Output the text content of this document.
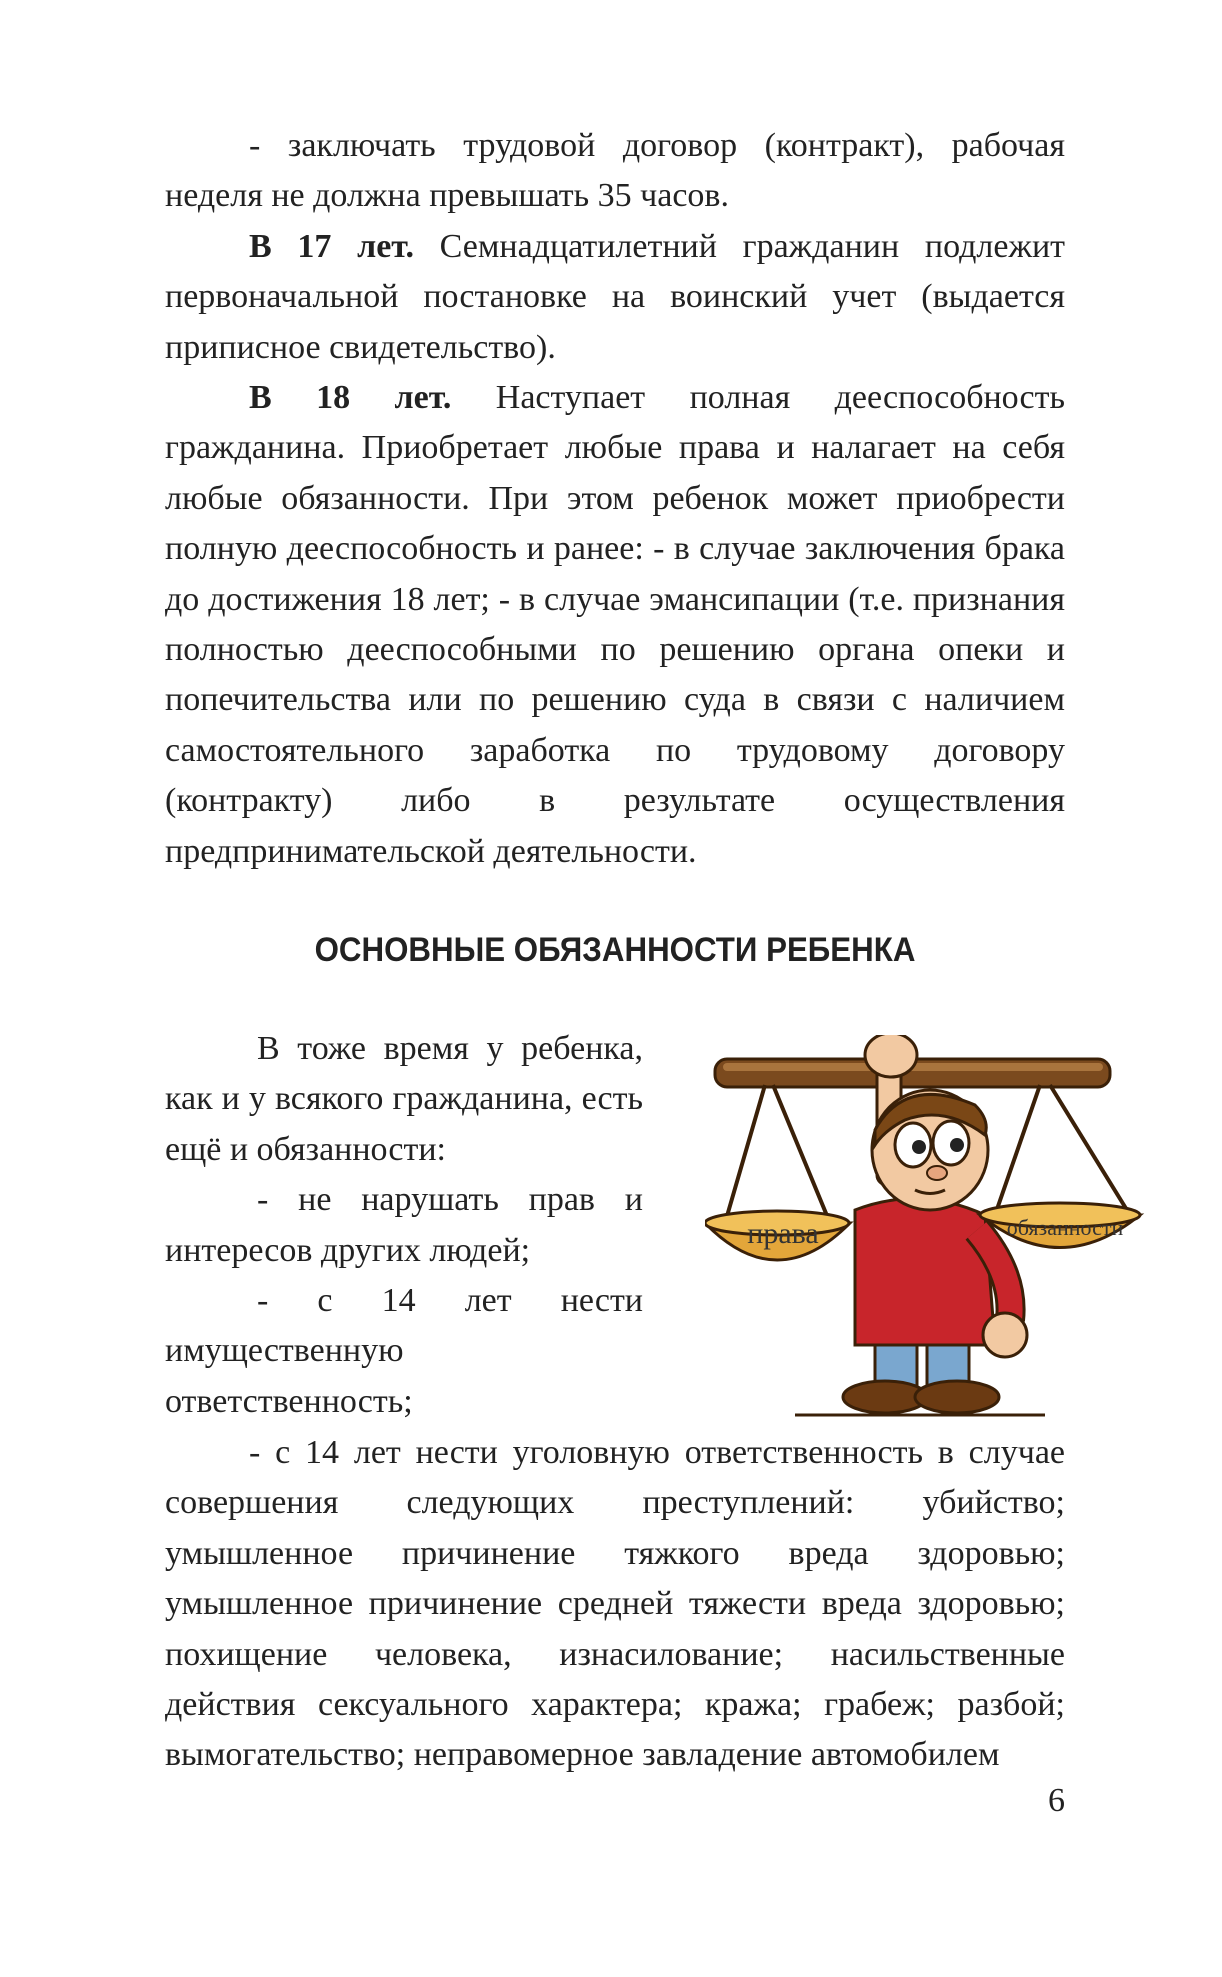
- заключать трудовой договор (контракт), рабочая неделя не должна превышать 35 часов.

В 17 лет. Семнадцатилетний гражданин подлежит первоначальной постановке на воинский учет (выдается приписное свидетельство).

В 18 лет. Наступает полная дееспособность гражданина. Приобретает любые права и налагает на себя любые обязанности. При этом ребенок может приобрести полную дееспособность и ранее: - в случае заключения брака до достижения 18 лет; - в случае эмансипации (т.е. признания полностью дееспособными по решению органа опеки и попечительства или по решению суда в связи с наличием самостоятельного заработка по трудовому договору (контракту) либо в результате осуществления предпринимательской деятельности.

ОСНОВНЫЕ ОБЯЗАННОСТИ РЕБЕНКА

В тоже время у ребенка, как и у всякого гражданина, есть ещё и обязанности:

- не нарушать прав и интересов других людей;

- с 14 лет нести имущественную ответственность;

права	обязанности

- с 14 лет нести уголовную ответственность в случае совершения следующих преступлений: убийство; умышленное причинение тяжкого вреда здоровью; умышленное причинение средней тяжести вреда здоровью; похищение человека, изнасилование; насильственные действия сексуального характера; кража; грабеж; разбой; вымогательство; неправомерное завладение автомобилем

6
